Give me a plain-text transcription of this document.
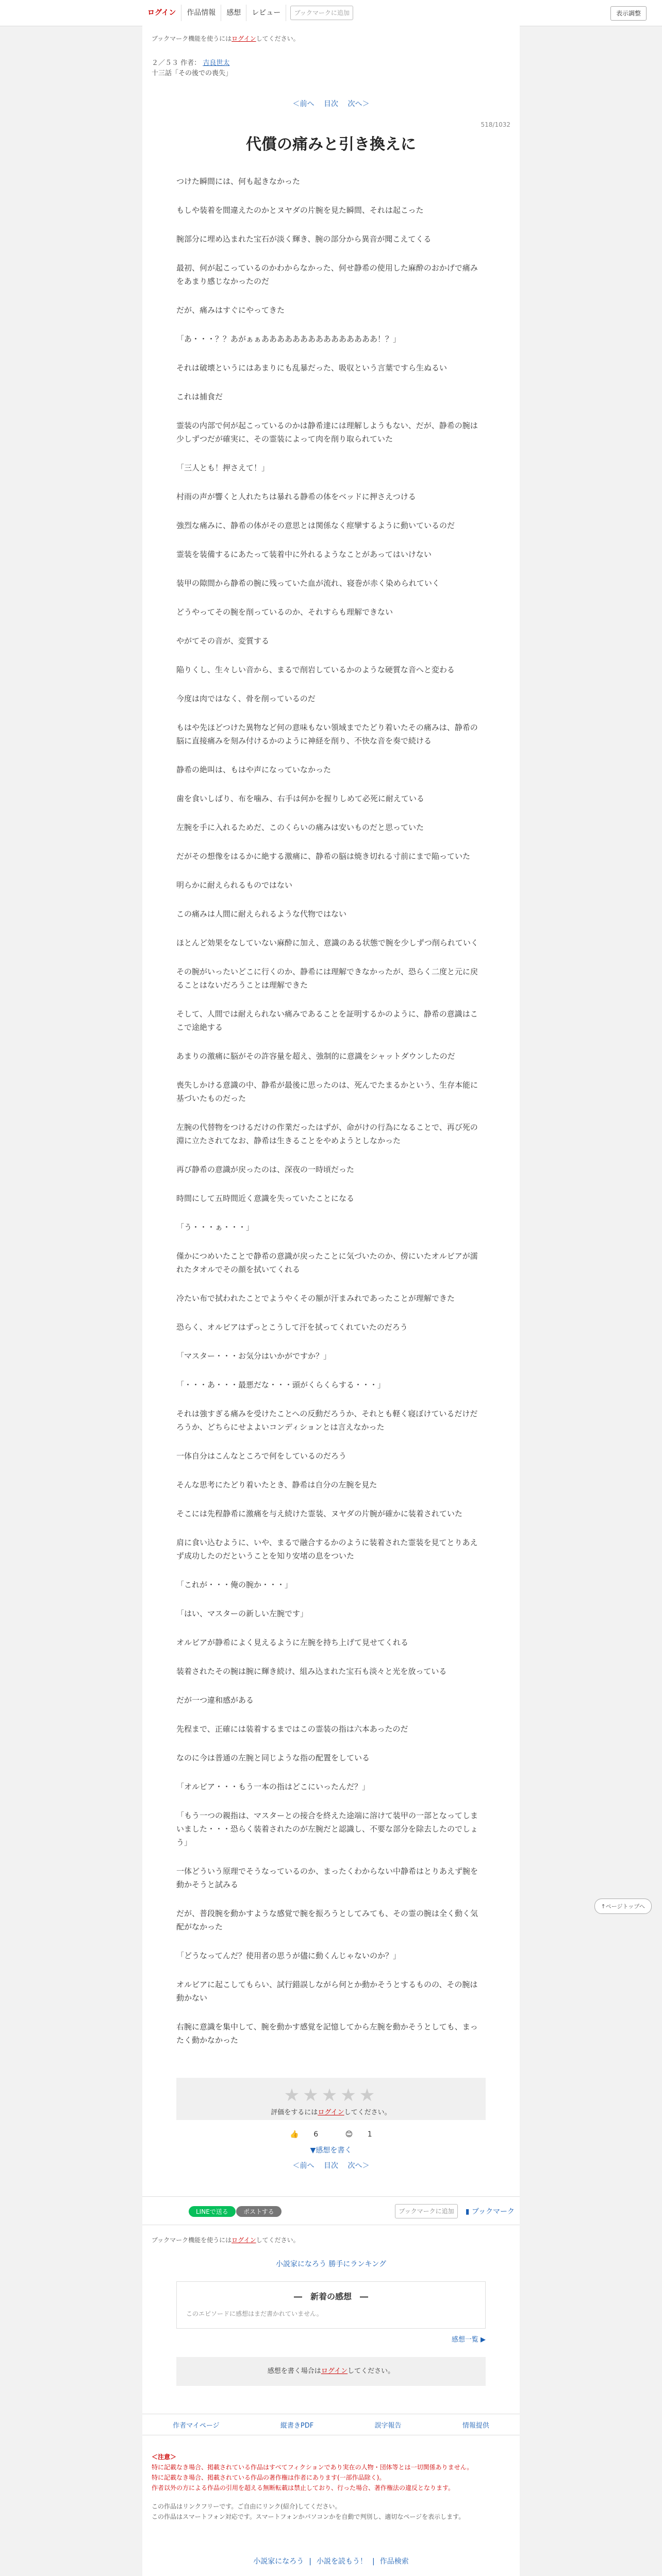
ログイン	作品情報	感想	レビュー	ブックマークに追加	表示調整
ブックマーク機能を使うにはログインしてください。
２／５３ 作者： 吉良世太
十三話「その後での喪失」
＜前へ 目次 次へ＞
518/1032
代償の痛みと引き換えに

つけた瞬間には、何も起きなかった

もしや装着を間違えたのかとヌヤダの片腕を見た瞬間、それは起こった

腕部分に埋め込まれた宝石が淡く輝き、腕の部分から異音が聞こえてくる

最初、何が起こっているのかわからなかった、何せ静希の使用した麻酔のおかげで痛みをあまり感じなかったのだ

だが、痛みはすぐにやってきた

「あ・・・？？あがぁぁあああああああああああああああ！？」

それは破壊というにはあまりにも乱暴だった、吸収という言葉ですら生ぬるい

これは捕食だ

霊装の内部で何が起こっているのかは静希達には理解しようもない、だが、静希の腕は少しずつだが確実に、その霊装によって肉を削り取られていた

「三人とも！押さえて！」

村雨の声が響くと人れたちは暴れる静希の体をベッドに押さえつける

強烈な痛みに、静希の体がその意思とは関係なく痙攣するように動いているのだ

霊装を装備するにあたって装着中に外れるようなことがあってはいけない

装甲の隙間から静希の腕に残っていた血が流れ、寝巻が赤く染められていく

どうやってその腕を削っているのか、それすらも理解できない

やがてその音が、変質する

陥りくし、生々しい音から、まるで削岩しているかのような硬質な音へと変わる

今度は肉ではなく、骨を削っているのだ

もはや先ほどつけた異物など何の意味もない領域までたどり着いたその痛みは、静希の脳に直接痛みを刻み付けるかのように神経を削り、不快な音を奏で続ける

静希の絶叫は、もはや声になっていなかった

歯を食いしばり、布を噛み、右手は何かを握りしめて必死に耐えている

左腕を手に入れるためだ、このくらいの痛みは安いものだと思っていた

だがその想像をはるかに絶する激痛に、静希の脳は焼き切れる寸前にまで陥っていた

明らかに耐えられるものではない

この痛みは人間に耐えられるような代物ではない

ほとんど効果をなしていない麻酔に加え、意識のある状態で腕を少しずつ削られていく

その腕がいったいどこに行くのか、静希には理解できなかったが、恐らく二度と元に戻ることはないだろうことは理解できた

そして、人間では耐えられない痛みであることを証明するかのように、静希の意識はここで途絶する

あまりの激痛に脳がその許容量を超え、強制的に意識をシャットダウンしたのだ

喪失しかける意識の中、静希が最後に思ったのは、死んでたまるかという、生存本能に基づいたものだった

左腕の代替物をつけるだけの作業だったはずが、命がけの行為になることで、再び死の淵に立たされてなお、静希は生きることをやめようとしなかった

再び静希の意識が戻ったのは、深夜の一時頃だった

時間にして五時間近く意識を失っていたことになる

「う・・・ぁ・・・」

僅かにつめいたことで静希の意識が戻ったことに気づいたのか、傍にいたオルビアが濡れたタオルでその顔を拭いてくれる

冷たい布で拭われたことでようやくその額が汗まみれであったことが理解できた

恐らく、オルビアはずっとこうして汗を拭ってくれていたのだろう

「マスター・・・お気分はいかがですか？」

「・・・あ・・・最悪だな・・・頭がくらくらする・・・」

それは強すぎる痛みを受けたことへの反動だろうか、それとも軽く寝ぼけているだけだろうか、どちらにせよよいコンディションとは言えなかった

一体自分はこんなところで何をしているのだろう

そんな思考にたどり着いたとき、静希は自分の左腕を見た

そこには先程静希に激痛を与え続けた霊装、ヌヤダの片腕が確かに装着されていた

肩に食い込むように、いや、まるで融合するかのように装着された霊装を見てとりあえず成功したのだということを知り安堵の息をついた

「これが・・・俺の腕か・・・」

「はい、マスターの新しい左腕です」

オルビアが静希によく見えるように左腕を持ち上げて見せてくれる

装着されたその腕は腕に輝き続け、組み込まれた宝石も淡々と光を放っている

だが一つ違和感がある

先程まで、正確には装着するまではこの霊装の指は六本あったのだ

なのに今は普通の左腕と同じような指の配置をしている

「オルビア・・・もう一本の指はどこにいったんだ？」

「もう一つの親指は、マスターとの接合を終えた途端に溶けて装甲の一部となってしまいました・・・恐らく装着されたのが左腕だと認識し、不要な部分を除去したのでしょう」

一体どういう原理でそうなっているのか、まったくわからない中静希はとりあえず腕を動かそうと試みる

だが、普段腕を動かすような感覚で腕を振ろうとしてみても、その霊の腕は全く動く気配がなかった

「どうなってんだ？使用者の思うが儘に動くんじゃないのか？」

オルビアに起こしてもらい、試行錯誤しながら何とか動かそうとするものの、その腕は動かない

右腕に意識を集中して、腕を動かす感覚を記憶してから左腕を動かそうとしても、まったく動かなかった

★★★★★
評価をするにはログインしてください。
👍 6	😊 1
▼感想を書く
＜前へ 目次 次へ＞
LINEで送る	ポストする	ブックマークに追加	▮ ブックマーク
ブックマーク機能を使うにはログインしてください。
小説家になろう 勝手にランキング
―　新着の感想　―
このエピソードに感想はまだ書かれていません。
感想一覧 ▶
感想を書く場合はログインしてください。
作者マイページ	縦書きPDF	誤字報告	情報提供
＜注意＞
特に記載なき場合、掲載されている作品はすべてフィクションであり実在の人物・団体等とは一切関係ありません。
特に記載なき場合、掲載されている作品の著作権は作者にあります(一部作品除く)。
作者以外の方による作品の引用を超える無断転載は禁止しており、行った場合、著作権法の違反となります。
この作品はリンクフリーです。ご自由にリンク(紹介)してください。
この作品はスマートフォン対応です。スマートフォンかパソコンかを自動で判別し、適切なページを表示します。
小説家になろう | 小説を読もう！ | 作品検索
↑ページトップへ
